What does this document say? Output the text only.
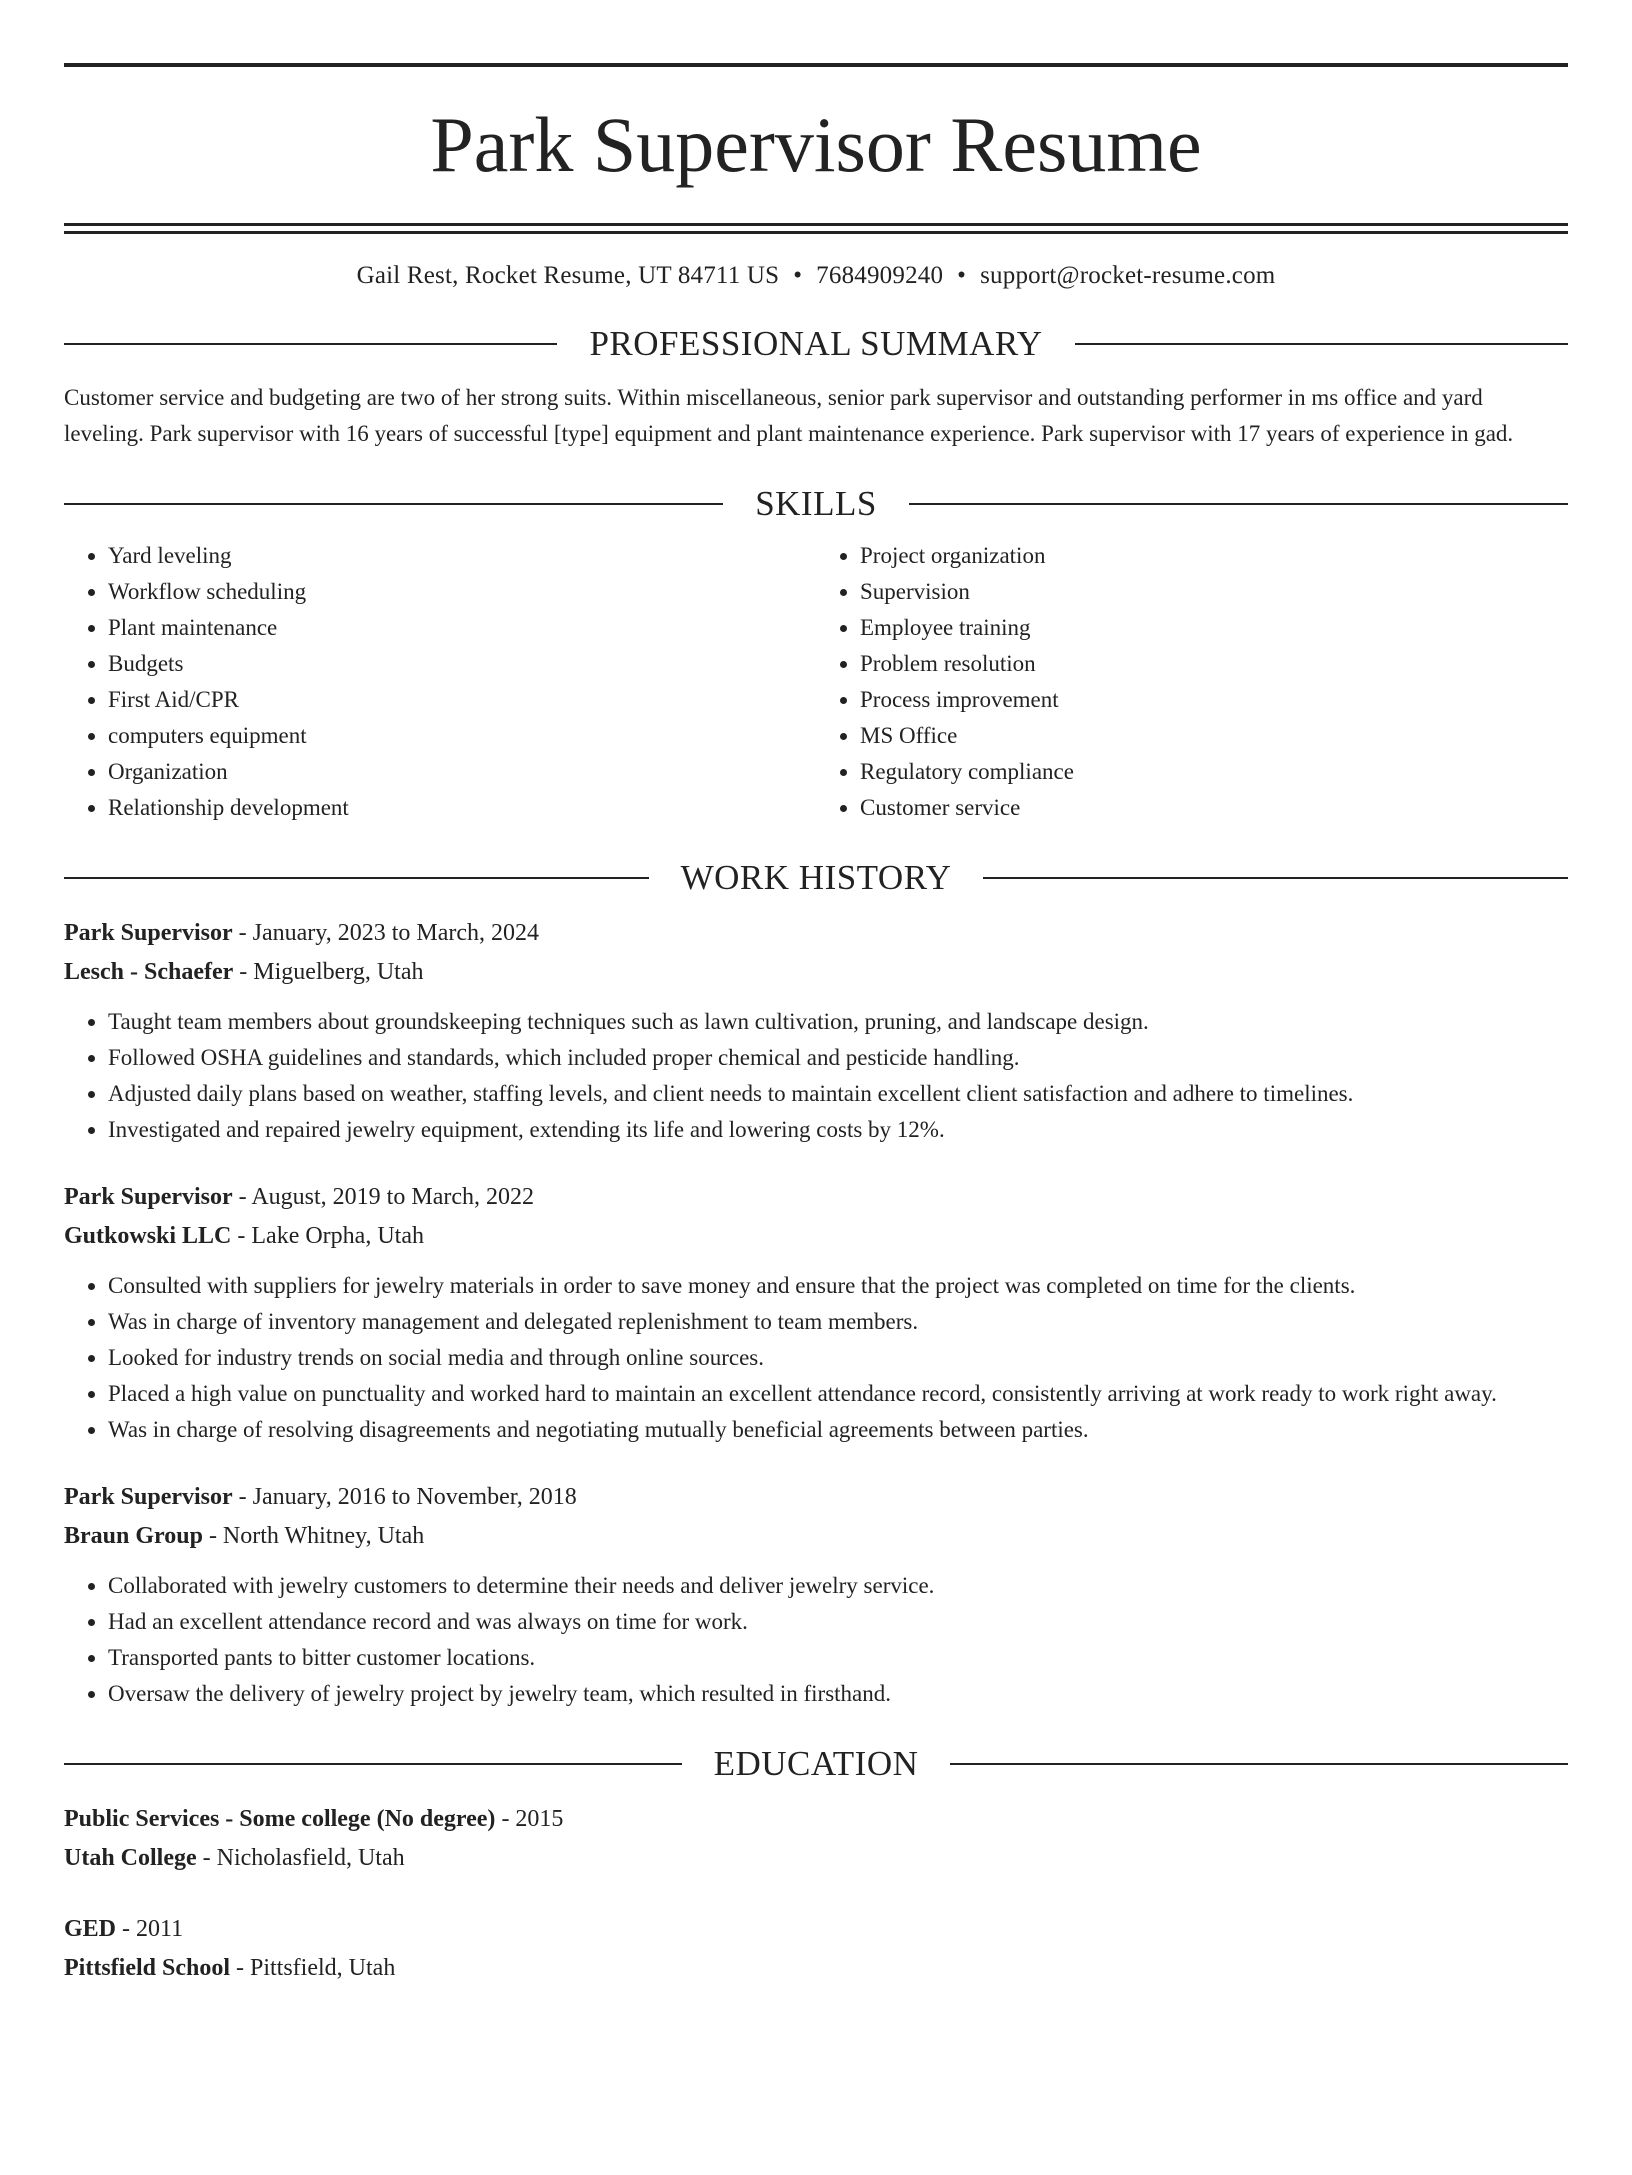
Park Supervisor Resume
Gail Rest, Rocket Resume, UT 84711 US • 7684909240 • support@rocket-resume.com
PROFESSIONAL SUMMARY
Customer service and budgeting are two of her strong suits. Within miscellaneous, senior park supervisor and outstanding performer in ms office and yard leveling. Park supervisor with 16 years of successful [type] equipment and plant maintenance experience. Park supervisor with 17 years of experience in gad.
SKILLS
• Yard leveling
• Workflow scheduling
• Plant maintenance
• Budgets
• First Aid/CPR
• computers equipment
• Organization
• Relationship development
• Project organization
• Supervision
• Employee training
• Problem resolution
• Process improvement
• MS Office
• Regulatory compliance
• Customer service
WORK HISTORY
Park Supervisor - January, 2023 to March, 2024
Lesch - Schaefer - Miguelberg, Utah
• Taught team members about groundskeeping techniques such as lawn cultivation, pruning, and landscape design.
• Followed OSHA guidelines and standards, which included proper chemical and pesticide handling.
• Adjusted daily plans based on weather, staffing levels, and client needs to maintain excellent client satisfaction and adhere to timelines.
• Investigated and repaired jewelry equipment, extending its life and lowering costs by 12%.
Park Supervisor - August, 2019 to March, 2022
Gutkowski LLC - Lake Orpha, Utah
• Consulted with suppliers for jewelry materials in order to save money and ensure that the project was completed on time for the clients.
• Was in charge of inventory management and delegated replenishment to team members.
• Looked for industry trends on social media and through online sources.
• Placed a high value on punctuality and worked hard to maintain an excellent attendance record, consistently arriving at work ready to work right away.
• Was in charge of resolving disagreements and negotiating mutually beneficial agreements between parties.
Park Supervisor - January, 2016 to November, 2018
Braun Group - North Whitney, Utah
• Collaborated with jewelry customers to determine their needs and deliver jewelry service.
• Had an excellent attendance record and was always on time for work.
• Transported pants to bitter customer locations.
• Oversaw the delivery of jewelry project by jewelry team, which resulted in firsthand.
EDUCATION
Public Services - Some college (No degree) - 2015
Utah College - Nicholasfield, Utah
GED - 2011
Pittsfield School - Pittsfield, Utah
